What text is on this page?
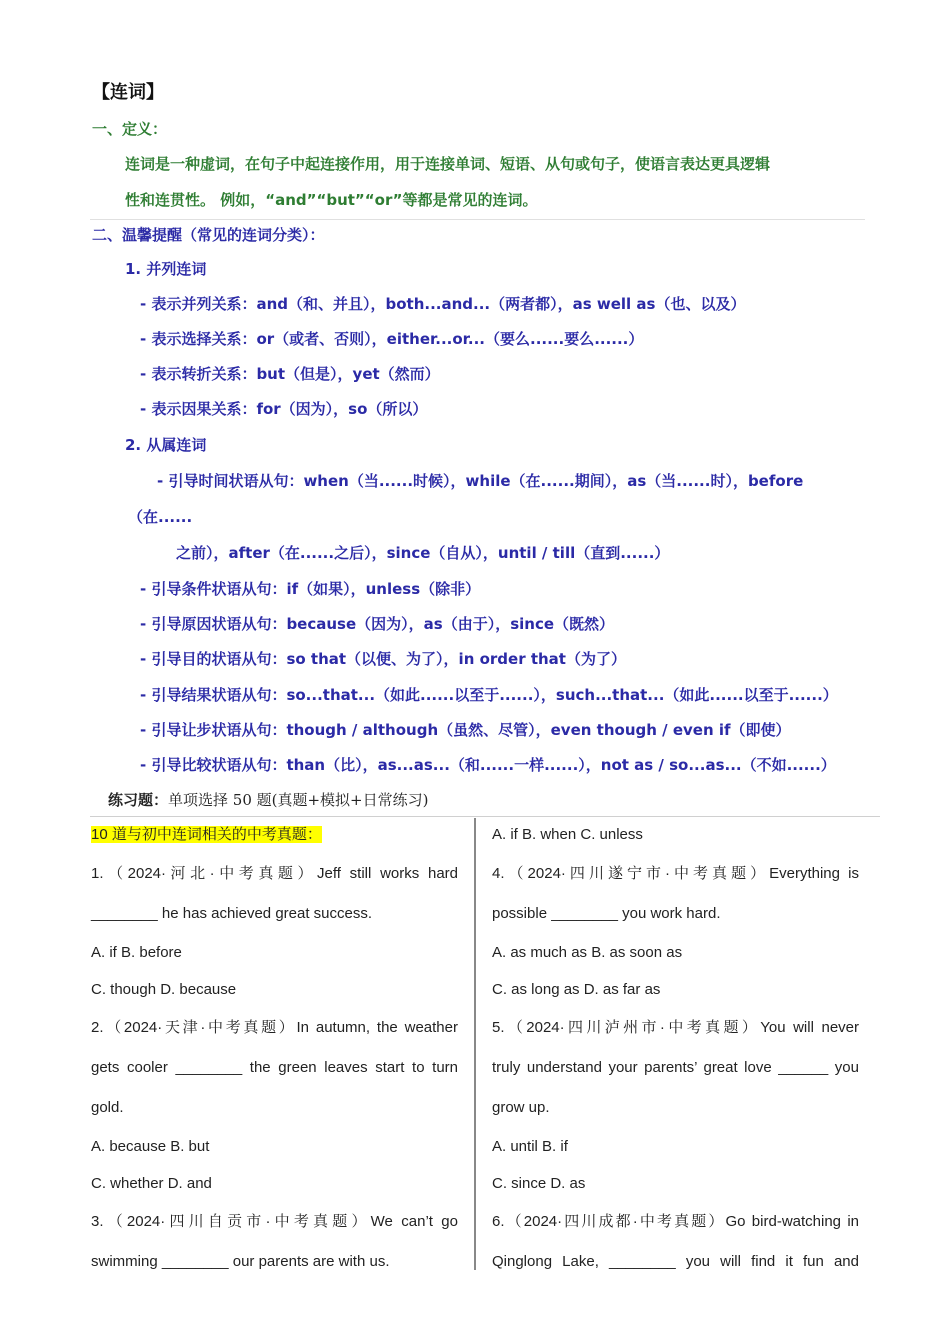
【连词】
一、定义：
连词是一种虚词，在句子中起连接作用，用于连接单词、短语、从句或句子，使语言表达更具逻辑
性和连贯性。 例如，“and”“but”“or”等都是常见的连词。
二、温馨提醒（常见的连词分类）：
1. 并列连词
- 表示并列关系：and（和、并且），both...and...（两者都），as well as（也、以及）
- 表示选择关系：or（或者、否则），either...or...（要么......要么......）
- 表示转折关系：but（但是），yet（然而）
- 表示因果关系：for（因为），so（所以）
2. 从属连词
- 引导时间状语从句：when（当......时候），while（在......期间），as（当......时），before
（在......
之前），after（在......之后），since（自从），until / till（直到......）
- 引导条件状语从句：if（如果），unless（除非）
- 引导原因状语从句：because（因为），as（由于），since（既然）
- 引导目的状语从句：so that（以便、为了），in order that（为了）
- 引导结果状语从句：so...that...（如此......以至于......），such...that...（如此......以至于......）
- 引导让步状语从句：though / although（虽然、尽管），even though / even if（即使）
- 引导比较状语从句：than（比），as...as...（和......一样......），not as / so...as...（不如......）
练习题：单项选择 50 题(真题+模拟+日常练习)
10 道与初中连词相关的中考真题：
1.（2024·河北·中考真题）Jeff still works hard
________ he has achieved great success.
A. if B. before
C. though D. because
2.（2024·天津·中考真题）In autumn, the weather
gets cooler ________ the green leaves start to turn
gold.
A. because B. but
C. whether D. and
3.（2024·四川自贡市·中考真题）We can’t go
swimming ________ our parents are with us.
A. if B. when C. unless
4.（2024·四川遂宁市·中考真题）Everything is
possible ________ you work hard.
A. as much as B. as soon as
C. as long as D. as far as
5.（2024·四川泸州市·中考真题）You will never
truly understand your parents’ great love ______ you
grow up.
A. until B. if
C. since D. as
6.（2024·四川成都·中考真题）Go bird-watching in
Qinglong Lake, ________ you will find it fun and
